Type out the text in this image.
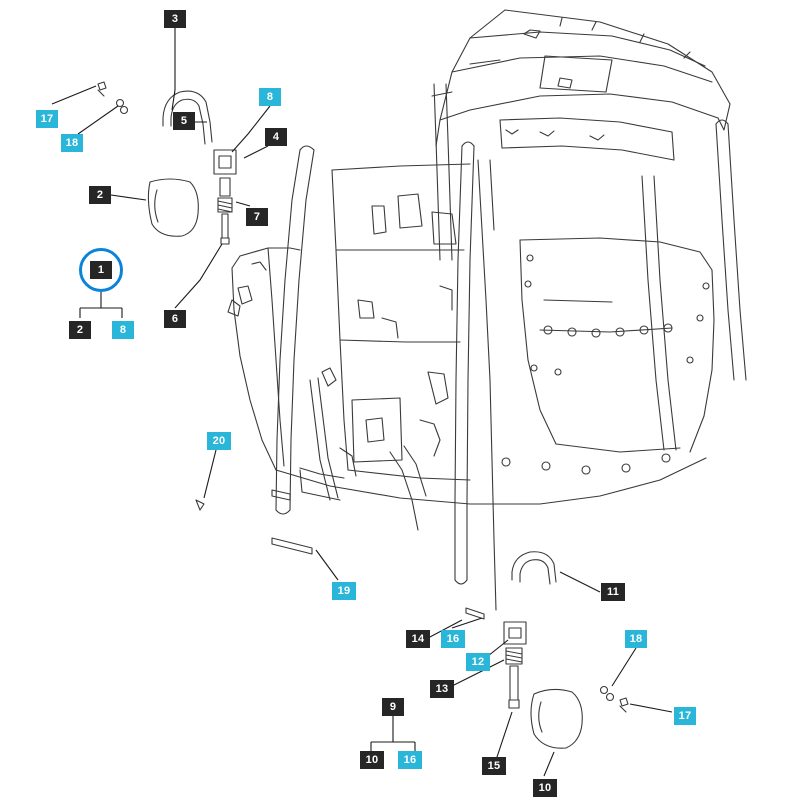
1
17
18
3
8
5
4
2
7
2	8
6
20
19
14	16
12
13
11
18
17
9
10	16	15
10
